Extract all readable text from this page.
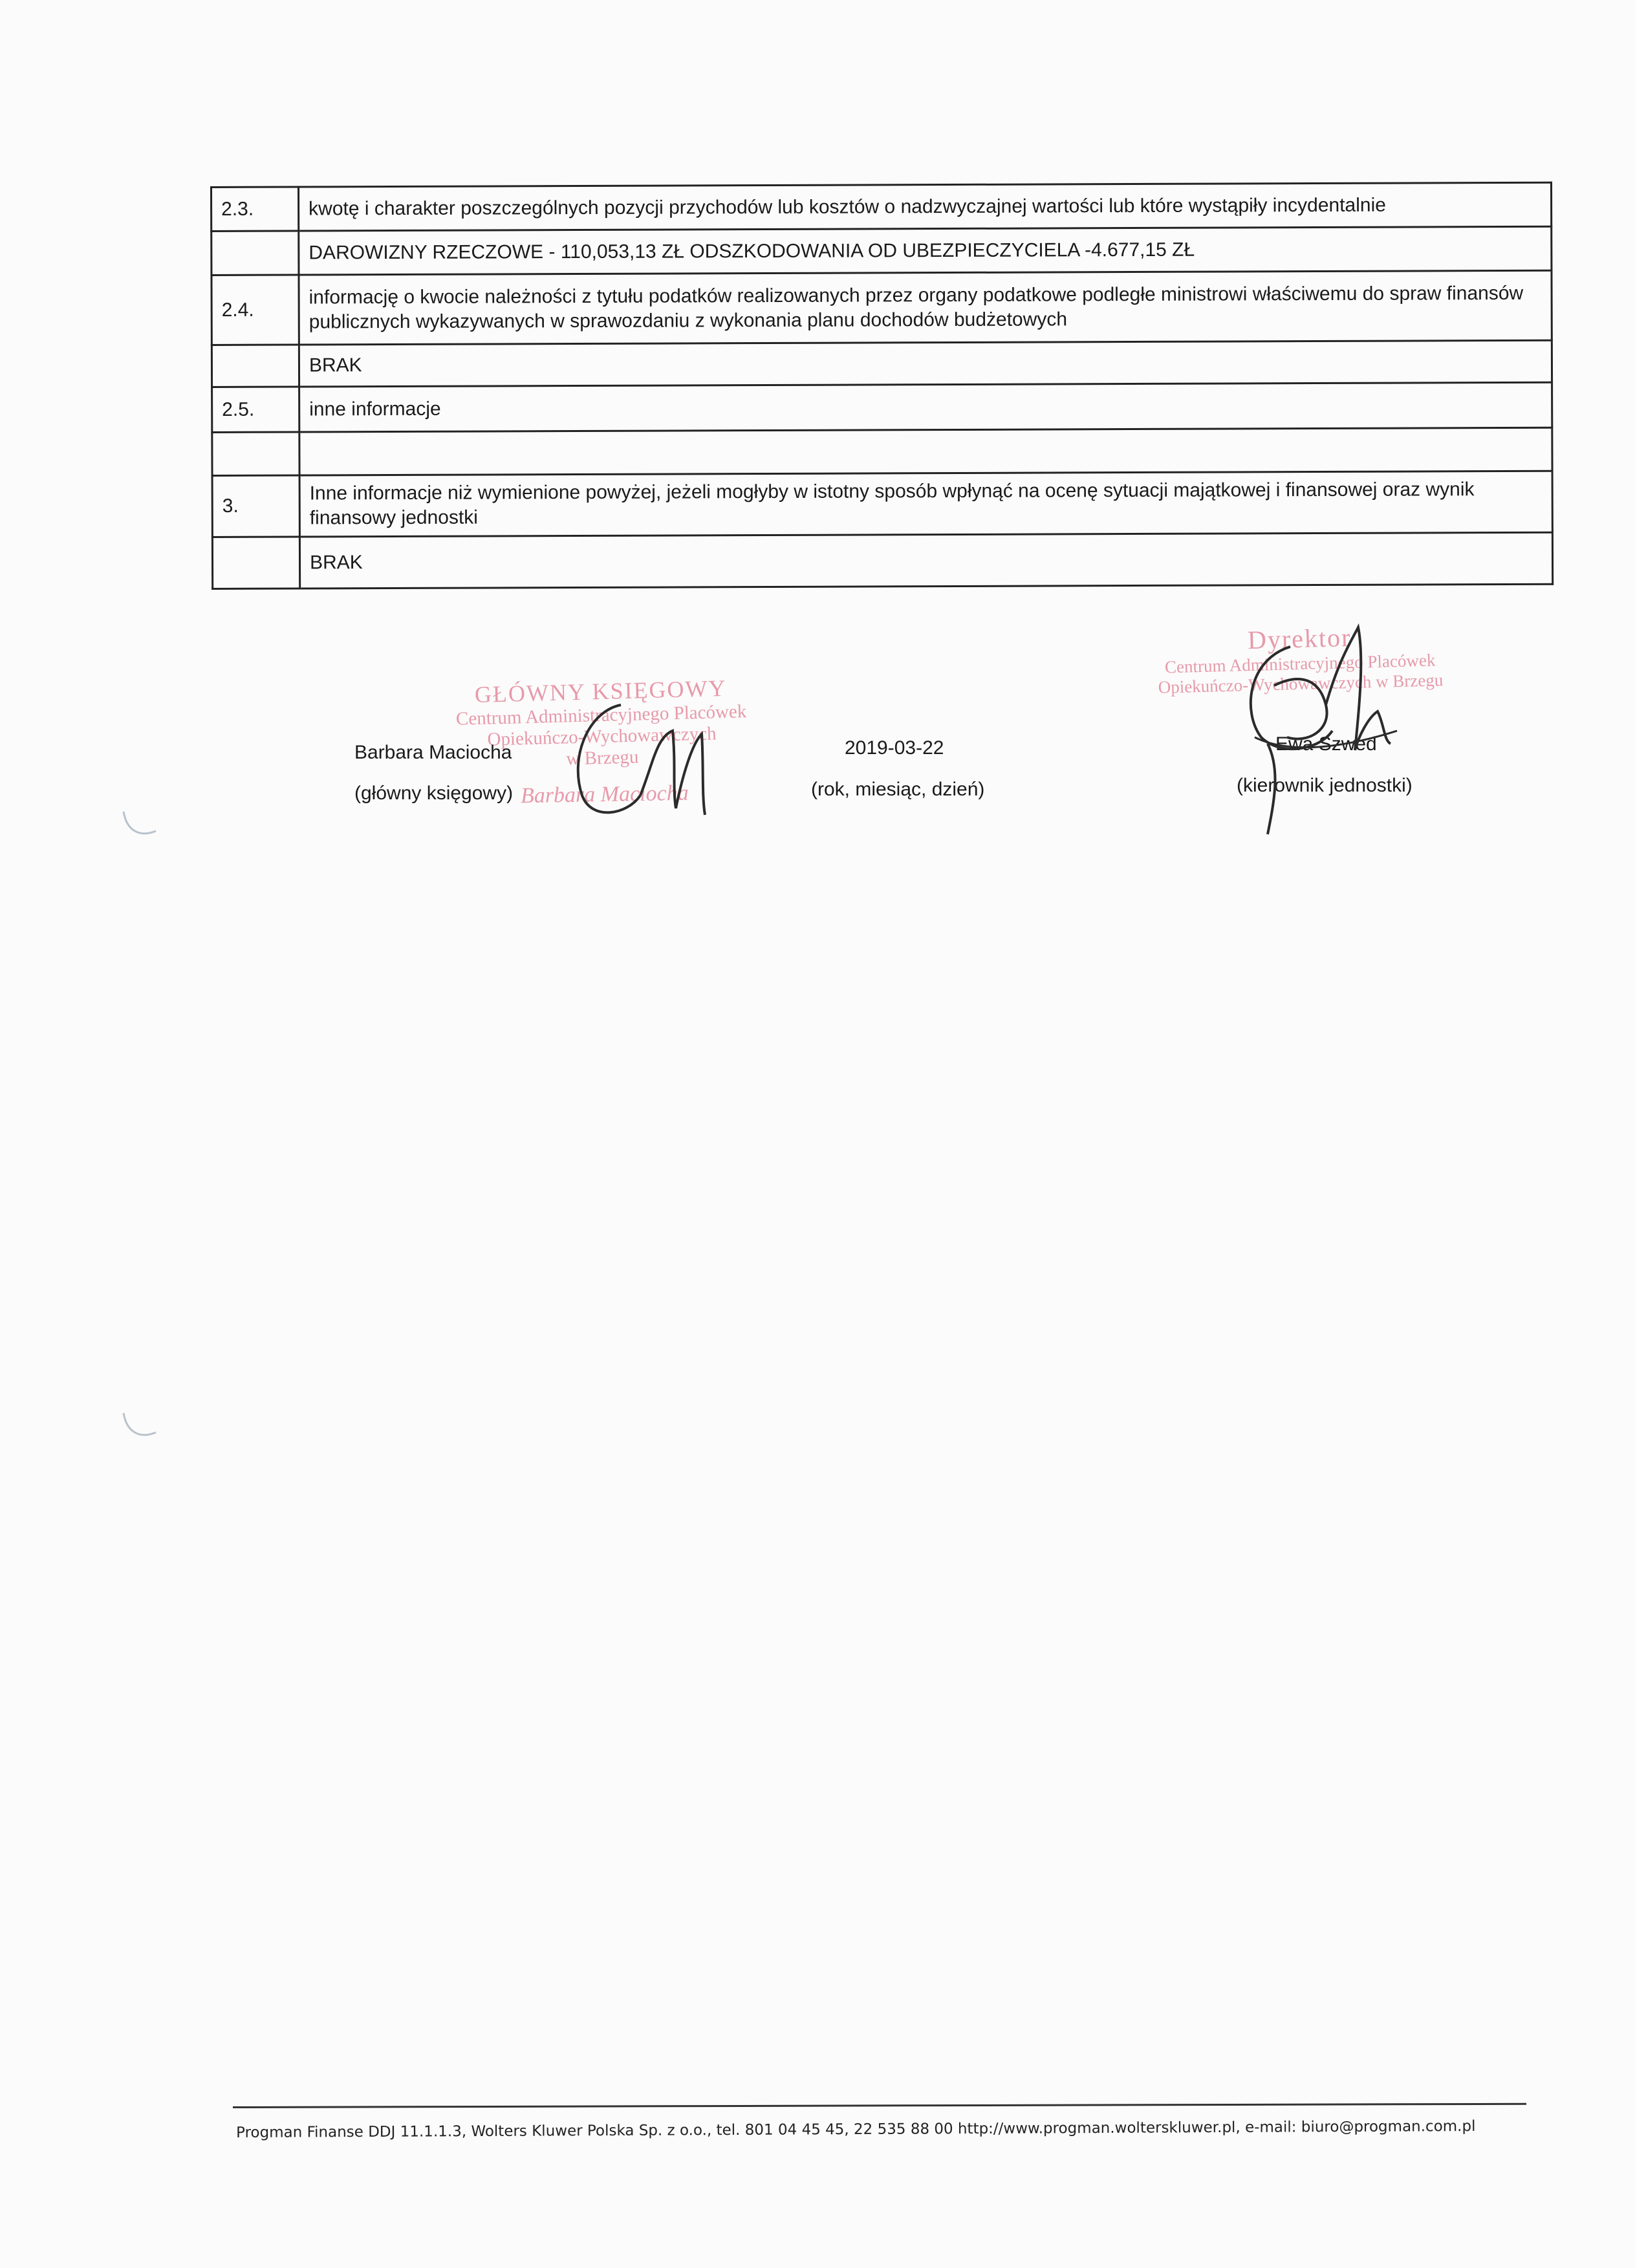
2.3.	kwotę i charakter poszczególnych pozycji przychodów lub kosztów o nadzwyczajnej wartości lub które wystąpiły incydentalnie
	DAROWIZNY RZECZOWE - 110,053,13 ZŁ ODSZKODOWANIA OD UBEZPIECZYCIELA -4.677,15 ZŁ
2.4.	informację o kwocie należności z tytułu podatków realizowanych przez organy podatkowe podległe ministrowi właściwemu do spraw finansów publicznych wykazywanych w sprawozdaniu z wykonania planu dochodów budżetowych
	BRAK
2.5.	inne informacje

3.	Inne informacje niż wymienione powyżej, jeżeli mogłyby w istotny sposób wpłynąć na ocenę sytuacji majątkowej i finansowej oraz wynik finansowy jednostki
	BRAK
GŁÓWNY KSIĘGOWY
Centrum Administracyjnego Placówek
Opiekuńczo-Wychowawczych
w Brzegu
Barbara Maciocha
Dyrektor
Centrum Administracyjnego Placówek
Opiekuńczo-Wychowawczych w Brzegu
Barbara Maciocha
(główny księgowy)
2019-03-22
(rok, miesiąc, dzień)
Ewa Szwed
(kierownik jednostki)
Progman Finanse DDJ 11.1.1.3, Wolters Kluwer Polska Sp. z o.o., tel. 801 04 45 45, 22 535 88 00 http://www.progman.wolterskluwer.pl, e-mail: biuro@progman.com.pl
